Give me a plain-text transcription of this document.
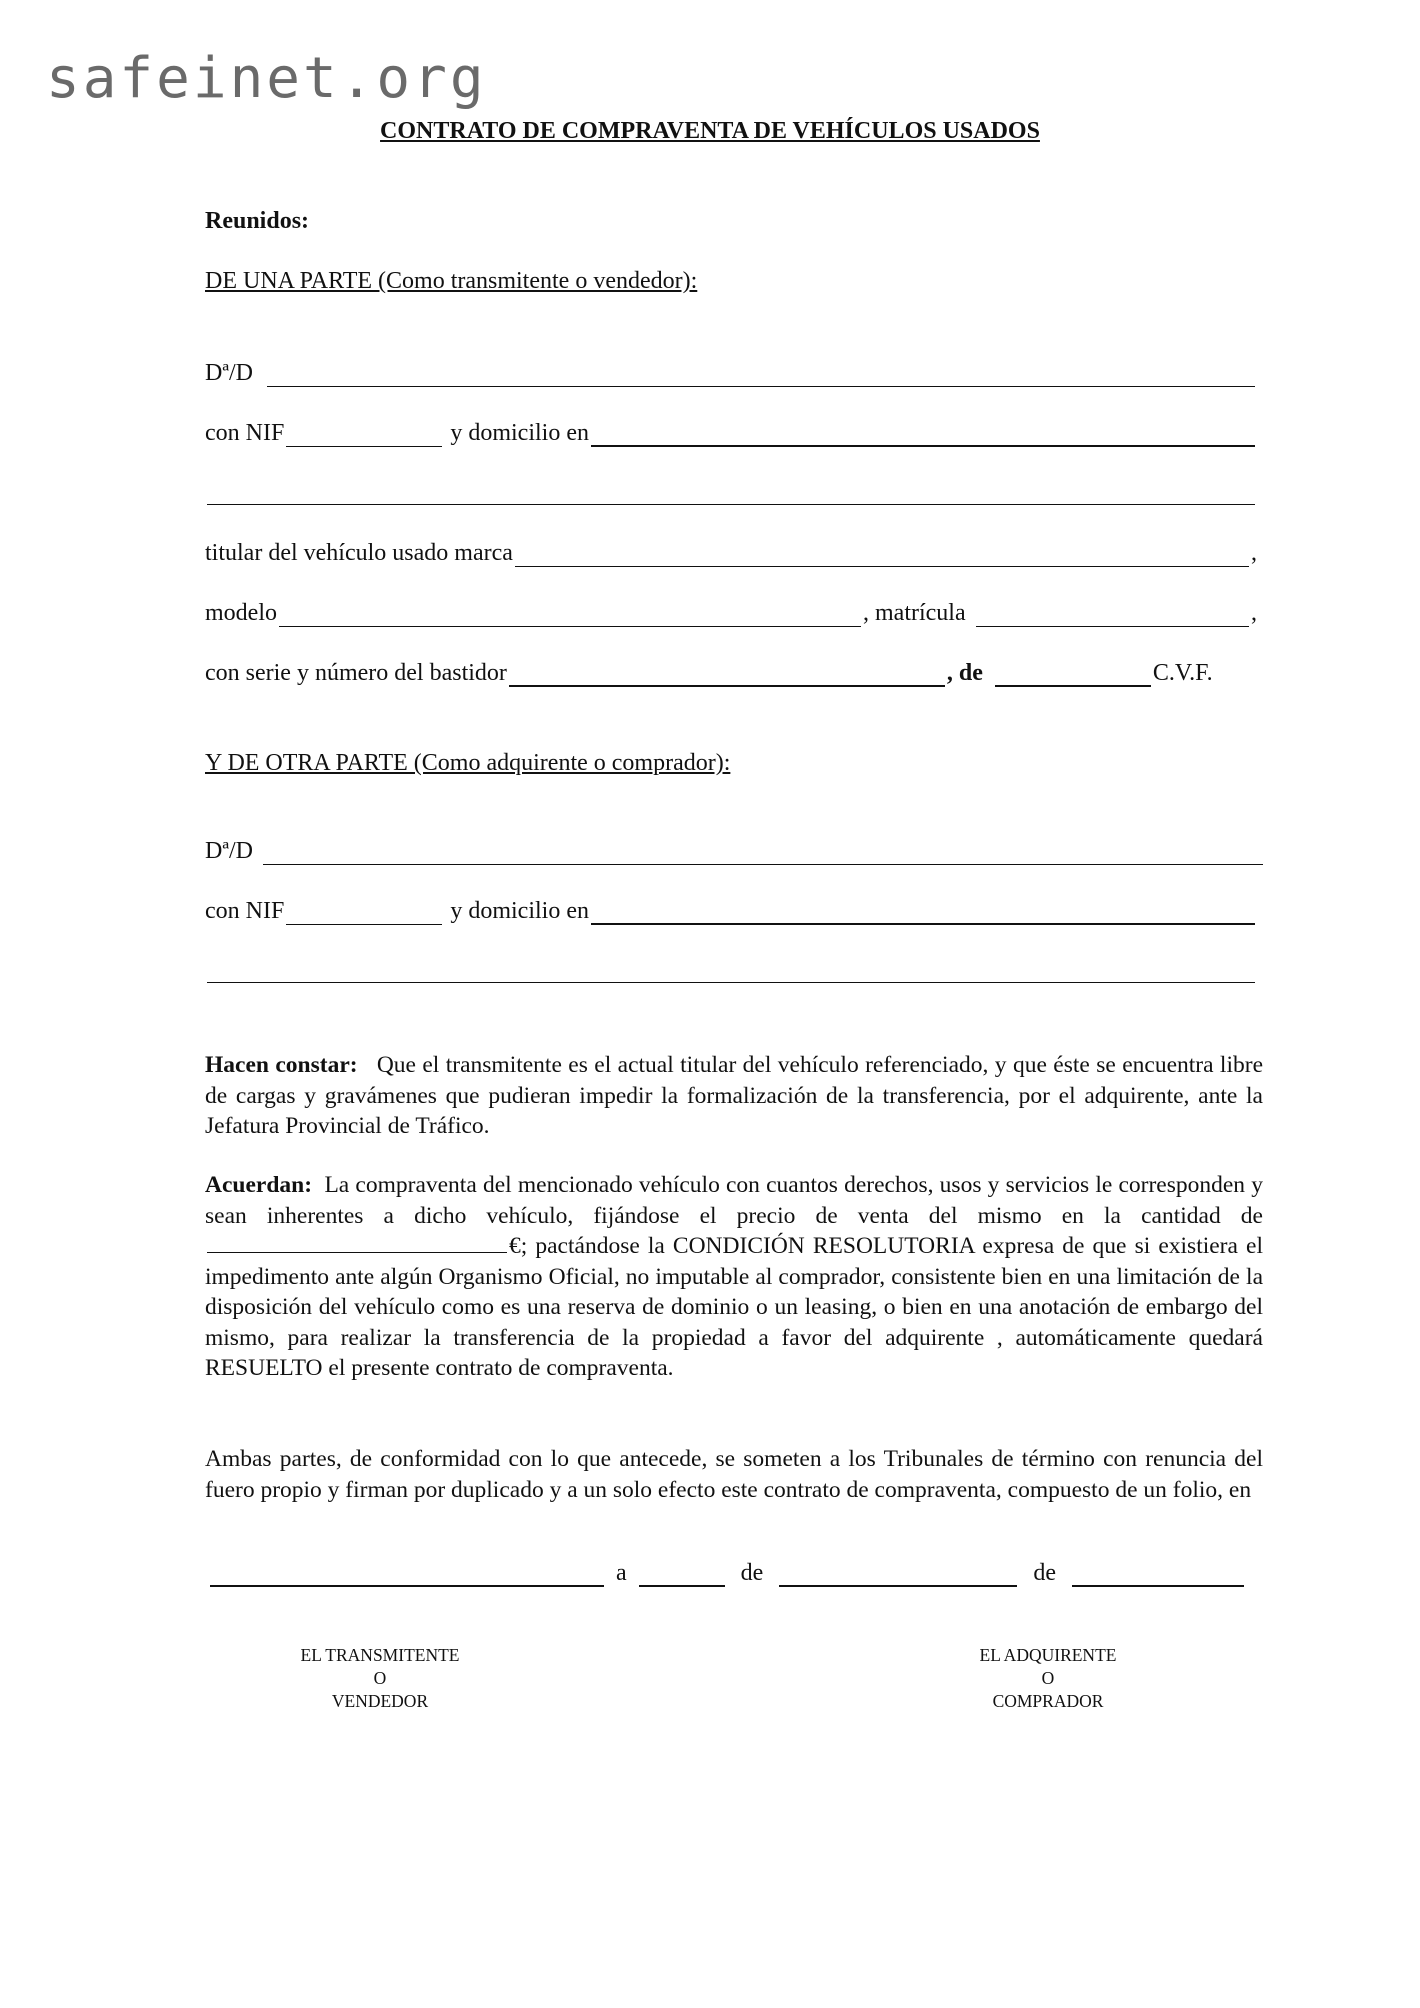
safeinet.org
CONTRATO DE COMPRAVENTA DE VEHÍCULOS USADOS
Reunidos:
DE UNA PARTE (Como transmitente o vendedor):
Dª/D
con NIF	y domicilio en
titular del vehículo usado marca	,
modelo	, matrícula	,
con serie y número del bastidor	, de	C.V.F.
Y DE OTRA PARTE (Como adquirente o comprador):
Dª/D
con NIF	y domicilio en
Hacen constar: Que el transmitente es el actual titular del vehículo referenciado, y que éste se encuentra libre de cargas y gravámenes que pudieran impedir la formalización de la transferencia, por el adquirente, ante la Jefatura Provincial de Tráfico.
Acuerdan: La compraventa del mencionado vehículo con cuantos derechos, usos y servicios le corresponden y sean inherentes a dicho vehículo, fijándose el precio de venta del mismo en la cantidad de €; pactándose la CONDICIÓN RESOLUTORIA expresa de que si existiera el impedimento ante algún Organismo Oficial, no imputable al comprador, consistente bien en una limitación de la disposición del vehículo como es una reserva de dominio o un leasing, o bien en una anotación de embargo del mismo, para realizar la transferencia de la propiedad a favor del adquirente , automáticamente quedará RESUELTO el presente contrato de compraventa.
Ambas partes, de conformidad con lo que antecede, se someten a los Tribunales de término con renuncia del fuero propio y firman por duplicado y a un solo efecto este contrato de compraventa, compuesto de un folio, en
a	de	de
EL TRANSMITENTE
O
VENDEDOR
EL ADQUIRENTE
O
COMPRADOR
